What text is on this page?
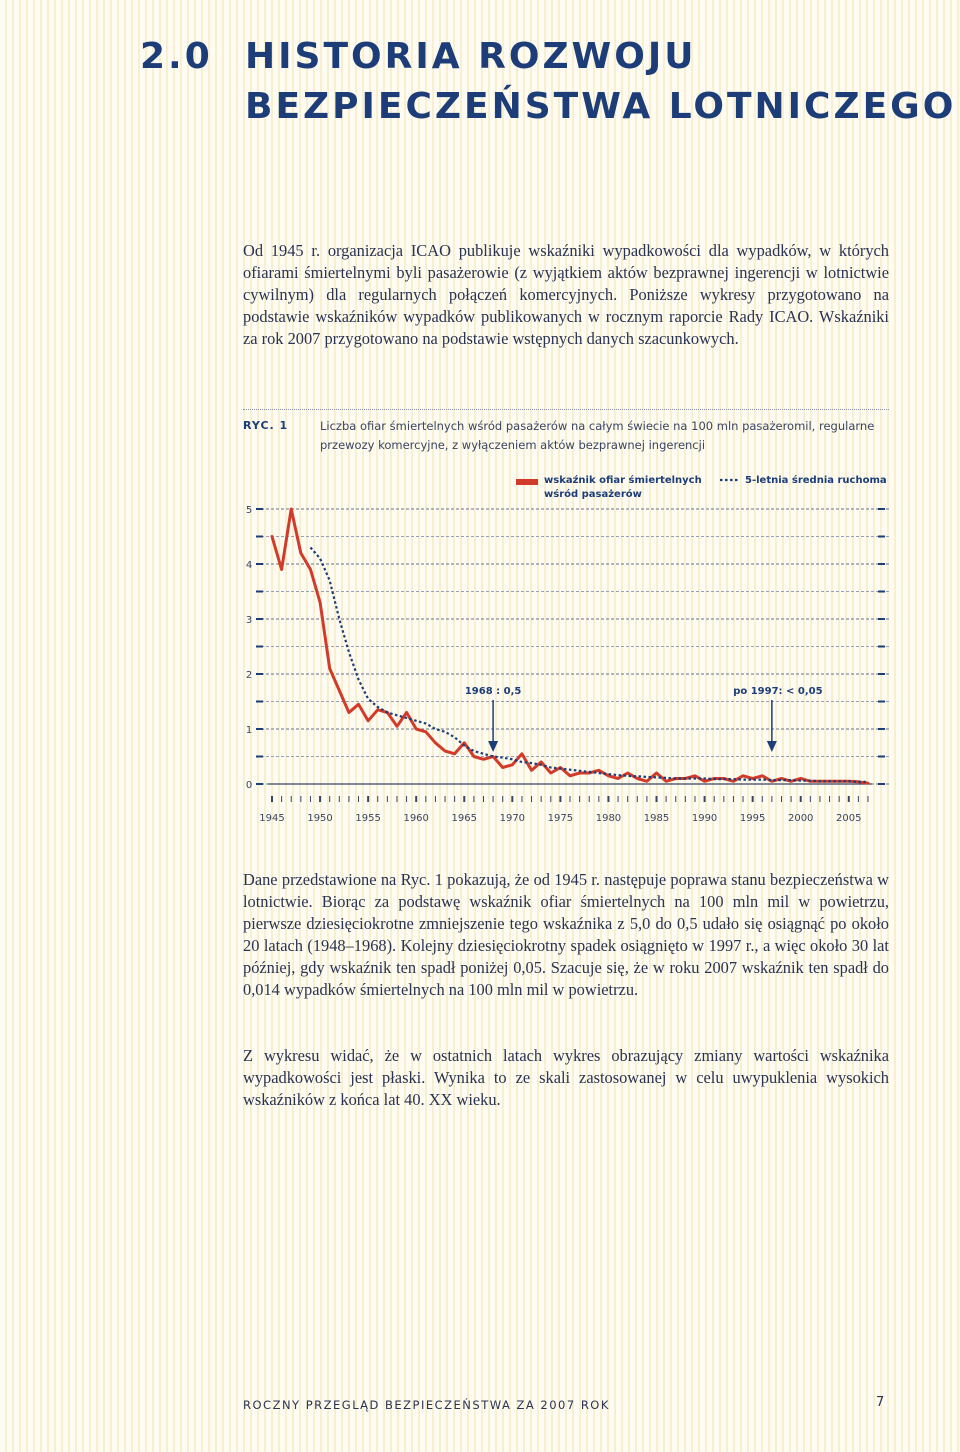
2.0 HISTORIA ROZWOJU
BEZPIECZEŃSTWA LOTNICZEGO

Od 1945 r. organizacja ICAO publikuje wskaźniki wypadkowości dla wypadków, w których ofiarami śmiertelnymi byli pasażerowie (z wyjątkiem aktów bezprawnej ingerencji w lotnictwie cywilnym) dla regularnych połączeń komercyjnych. Poniższe wykresy przygotowano na podstawie wskaźników wypadków publikowanych w rocznym raporcie Rady ICAO. Wskaźniki za rok 2007 przygotowano na podstawie wstępnych danych szacunkowych.

RYC. 1	Liczba ofiar śmiertelnych wśród pasażerów na całym świecie na 100 mln pasażeromil, regularne przewozy komercyjne, z wyłączeniem aktów bezprawnej ingerencji
0
1
2
3
4
5
1945 1950 1955 1960 1965 1970 1975 1980 1985 1990 1995 2000 2005
wskaźnik ofiar śmiertelnych wśród pasażerów
5-letnia średnia ruchoma
1968 : 0,5	po 1997: < 0,05

Dane przedstawione na Ryc. 1 pokazują, że od 1945 r. następuje poprawa stanu bezpieczeństwa w lotnictwie. Biorąc za podstawę wskaźnik ofiar śmiertelnych na 100 mln mil w powietrzu, pierwsze dziesięciokrotne zmniejszenie tego wskaźnika z 5,0 do 0,5 udało się osiągnąć po około 20 latach (1948–1968). Kolejny dziesięciokrotny spadek osiągnięto w 1997 r., a więc około 30 lat później, gdy wskaźnik ten spadł poniżej 0,05. Szacuje się, że w roku 2007 wskaźnik ten spadł do 0,014 wypadków śmiertelnych na 100 mln mil w powietrzu.

Z wykresu widać, że w ostatnich latach wykres obrazujący zmiany wartości wskaźnika wypadkowości jest płaski. Wynika to ze skali zastosowanej w celu uwypuklenia wysokich wskaźników z końca lat 40. XX wieku.

ROCZNY PRZEGLĄD BEZPIECZEŃSTWA ZA 2007 ROK	7
